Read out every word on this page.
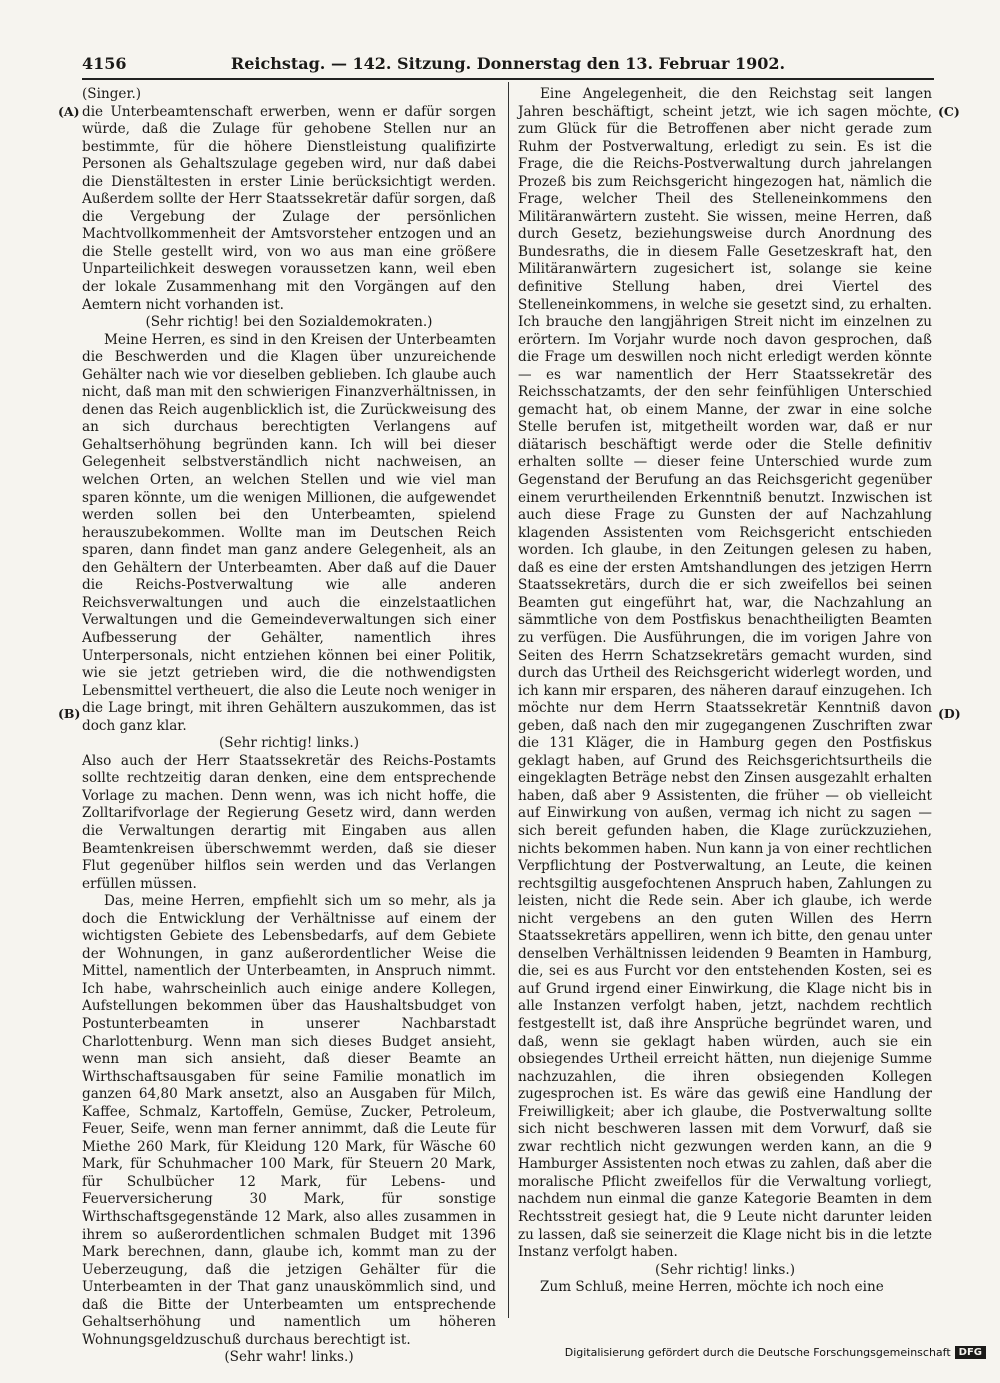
4156	Reichstag. — 142. Sitzung. Donnerstag den 13. Februar 1902.
(A)
(B)
(C)
(D)

(Singer.)

die Unterbeamtenschaft erwerben, wenn er dafür sorgen würde, daß die Zulage für gehobene Stellen nur an bestimmte, für die höhere Dienstleistung qualifizirte Personen als Gehaltszulage gegeben wird, nur daß dabei die Dienstältesten in erster Linie berücksichtigt werden. Außerdem sollte der Herr Staatssekretär dafür sorgen, daß die Vergebung der Zulage der persönlichen Machtvollkommenheit der Amtsvorsteher entzogen und an die Stelle gestellt wird, von wo aus man eine größere Unparteilichkeit deswegen voraussetzen kann, weil eben der lokale Zusammenhang mit den Vorgängen auf den Aemtern nicht vorhanden ist.

(Sehr richtig! bei den Sozialdemokraten.)

Meine Herren, es sind in den Kreisen der Unterbeamten die Beschwerden und die Klagen über unzureichende Gehälter nach wie vor dieselben geblieben. Ich glaube auch nicht, daß man mit den schwierigen Finanzverhältnissen, in denen das Reich augenblicklich ist, die Zurückweisung des an sich durchaus berechtigten Verlangens auf Gehaltserhöhung begründen kann. Ich will bei dieser Gelegenheit selbstverständlich nicht nachweisen, an welchen Orten, an welchen Stellen und wie viel man sparen könnte, um die wenigen Millionen, die aufgewendet werden sollen bei den Unterbeamten, spielend herauszubekommen. Wollte man im Deutschen Reich sparen, dann findet man ganz andere Gelegenheit, als an den Gehältern der Unterbeamten. Aber daß auf die Dauer die Reichs-Postverwaltung wie alle anderen Reichsverwaltungen und auch die einzelstaatlichen Verwaltungen und die Gemeindeverwaltungen sich einer Aufbesserung der Gehälter, namentlich ihres Unterpersonals, nicht entziehen können bei einer Politik, wie sie jetzt getrieben wird, die die nothwendigsten Lebensmittel vertheuert, die also die Leute noch weniger in die Lage bringt, mit ihren Gehältern auszukommen, das ist doch ganz klar.

(Sehr richtig! links.)

Also auch der Herr Staatssekretär des Reichs-Postamts sollte rechtzeitig daran denken, eine dem entsprechende Vorlage zu machen. Denn wenn, was ich nicht hoffe, die Zolltarifvorlage der Regierung Gesetz wird, dann werden die Verwaltungen derartig mit Eingaben aus allen Beamtenkreisen überschwemmt werden, daß sie dieser Flut gegenüber hilflos sein werden und das Verlangen erfüllen müssen.

Das, meine Herren, empfiehlt sich um so mehr, als ja doch die Entwicklung der Verhältnisse auf einem der wichtigsten Gebiete des Lebensbedarfs, auf dem Gebiete der Wohnungen, in ganz außerordentlicher Weise die Mittel, namentlich der Unterbeamten, in Anspruch nimmt. Ich habe, wahrscheinlich auch einige andere Kollegen, Aufstellungen bekommen über das Haushaltsbudget von Postunterbeamten in unserer Nachbarstadt Charlottenburg. Wenn man sich dieses Budget ansieht, wenn man sich ansieht, daß dieser Beamte an Wirthschaftsausgaben für seine Familie monatlich im ganzen 64,80 Mark ansetzt, also an Ausgaben für Milch, Kaffee, Schmalz, Kartoffeln, Gemüse, Zucker, Petroleum, Feuer, Seife, wenn man ferner annimmt, daß die Leute für Miethe 260 Mark, für Kleidung 120 Mark, für Wäsche 60 Mark, für Schuhmacher 100 Mark, für Steuern 20 Mark, für Schulbücher 12 Mark, für Lebens- und Feuerversicherung 30 Mark, für sonstige Wirthschaftsgegenstände 12 Mark, also alles zusammen in ihrem so außerordentlichen schmalen Budget mit 1396 Mark berechnen, dann, glaube ich, kommt man zu der Ueberzeugung, daß die jetzigen Gehälter für die Unterbeamten in der That ganz unauskömmlich sind, und daß die Bitte der Unterbeamten um entsprechende Gehaltserhöhung und namentlich um höheren Wohnungsgeldzuschuß durchaus berechtigt ist.

(Sehr wahr! links.)

Eine Angelegenheit, die den Reichstag seit langen Jahren beschäftigt, scheint jetzt, wie ich sagen möchte, zum Glück für die Betroffenen aber nicht gerade zum Ruhm der Postverwaltung, erledigt zu sein. Es ist die Frage, die die Reichs-Postverwaltung durch jahrelangen Prozeß bis zum Reichsgericht hingezogen hat, nämlich die Frage, welcher Theil des Stelleneinkommens den Militäranwärtern zusteht. Sie wissen, meine Herren, daß durch Gesetz, beziehungsweise durch Anordnung des Bundesraths, die in diesem Falle Gesetzeskraft hat, den Militäranwärtern zugesichert ist, solange sie keine definitive Stellung haben, drei Viertel des Stelleneinkommens, in welche sie gesetzt sind, zu erhalten. Ich brauche den langjährigen Streit nicht im einzelnen zu erörtern. Im Vorjahr wurde noch davon gesprochen, daß die Frage um deswillen noch nicht erledigt werden könnte — es war namentlich der Herr Staatssekretär des Reichsschatzamts, der den sehr feinfühligen Unterschied gemacht hat, ob einem Manne, der zwar in eine solche Stelle berufen ist, mitgetheilt worden war, daß er nur diätarisch beschäftigt werde oder die Stelle definitiv erhalten sollte — dieser feine Unterschied wurde zum Gegenstand der Berufung an das Reichsgericht gegenüber einem verurtheilenden Erkenntniß benutzt. Inzwischen ist auch diese Frage zu Gunsten der auf Nachzahlung klagenden Assistenten vom Reichsgericht entschieden worden. Ich glaube, in den Zeitungen gelesen zu haben, daß es eine der ersten Amtshandlungen des jetzigen Herrn Staatssekretärs, durch die er sich zweifellos bei seinen Beamten gut eingeführt hat, war, die Nachzahlung an sämmtliche von dem Postfiskus benachtheiligten Beamten zu verfügen. Die Ausführungen, die im vorigen Jahre von Seiten des Herrn Schatzsekretärs gemacht wurden, sind durch das Urtheil des Reichsgericht widerlegt worden, und ich kann mir ersparen, des näheren darauf einzugehen. Ich möchte nur dem Herrn Staatssekretär Kenntniß davon geben, daß nach den mir zugegangenen Zuschriften zwar die 131 Kläger, die in Hamburg gegen den Postfiskus geklagt haben, auf Grund des Reichsgerichtsurtheils die eingeklagten Beträge nebst den Zinsen ausgezahlt erhalten haben, daß aber 9 Assistenten, die früher — ob vielleicht auf Einwirkung von außen, vermag ich nicht zu sagen — sich bereit gefunden haben, die Klage zurückzuziehen, nichts bekommen haben. Nun kann ja von einer rechtlichen Verpflichtung der Postverwaltung, an Leute, die keinen rechtsgiltig ausgefochtenen Anspruch haben, Zahlungen zu leisten, nicht die Rede sein. Aber ich glaube, ich werde nicht vergebens an den guten Willen des Herrn Staatssekretärs appelliren, wenn ich bitte, den genau unter denselben Verhältnissen leidenden 9 Beamten in Hamburg, die, sei es aus Furcht vor den entstehenden Kosten, sei es auf Grund irgend einer Einwirkung, die Klage nicht bis in alle Instanzen verfolgt haben, jetzt, nachdem rechtlich festgestellt ist, daß ihre Ansprüche begründet waren, und daß, wenn sie geklagt haben würden, auch sie ein obsiegendes Urtheil erreicht hätten, nun diejenige Summe nachzuzahlen, die ihren obsiegenden Kollegen zugesprochen ist. Es wäre das gewiß eine Handlung der Freiwilligkeit; aber ich glaube, die Postverwaltung sollte sich nicht beschweren lassen mit dem Vorwurf, daß sie zwar rechtlich nicht gezwungen werden kann, an die 9 Hamburger Assistenten noch etwas zu zahlen, daß aber die moralische Pflicht zweifellos für die Verwaltung vorliegt, nachdem nun einmal die ganze Kategorie Beamten in dem Rechtsstreit gesiegt hat, die 9 Leute nicht darunter leiden zu lassen, daß sie seinerzeit die Klage nicht bis in die letzte Instanz verfolgt haben.

(Sehr richtig! links.)

Zum Schluß, meine Herren, möchte ich noch eine

Digitalisierung gefördert durch die Deutsche Forschungsgemeinschaft DFG
